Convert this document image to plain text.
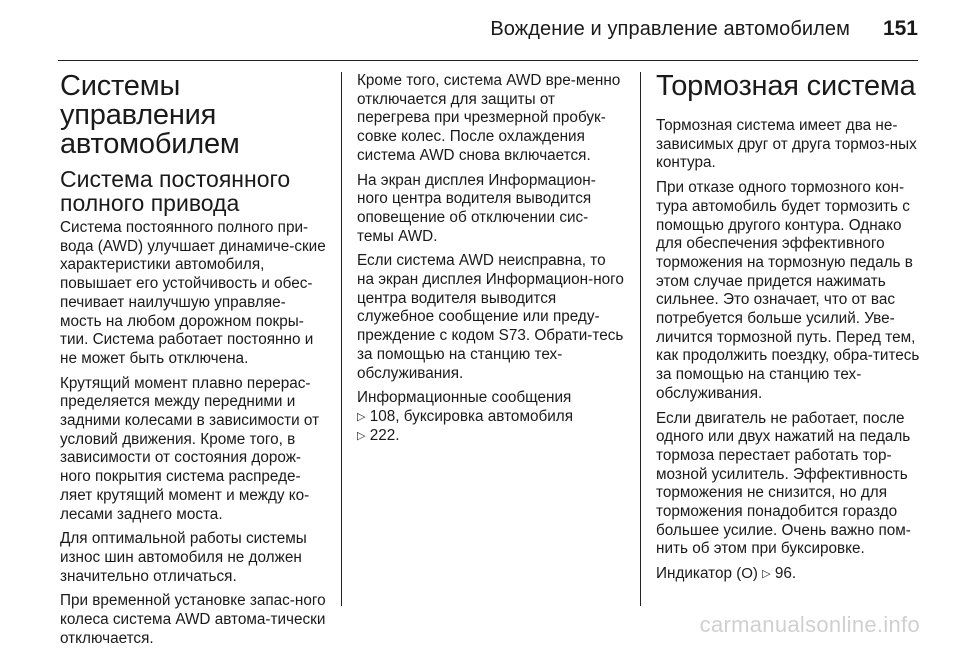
Вождение и управление автомобилем 151
Системы управления автомобилем
Система постоянного полного привода

Система постоянного полного при-вода (AWD) улучшает динамиче-ские характеристики автомобиля, повышает его устойчивость и обес-печивает наилучшую управляе-мость на любом дорожном покры-тии. Система работает постоянно и не может быть отключена.

Крутящий момент плавно перерас-пределяется между передними и задними колесами в зависимости от условий движения. Кроме того, в зависимости от состояния дорож-ного покрытия система распреде-ляет крутящий момент и между ко-лесами заднего моста.

Для оптимальной работы системы износ шин автомобиля не должен значительно отличаться.

При временной установке запас-ного колеса система AWD автома-тически отключается.

Кроме того, система AWD вре-менно отключается для защиты от перегрева при чрезмерной пробук-совке колес. После охлаждения система AWD снова включается.

На экран дисплея Информацион-ного центра водителя выводится оповещение об отключении сис-темы AWD.

Если система AWD неисправна, то на экран дисплея Информацион-ного центра водителя выводится служебное сообщение или преду-преждение с кодом S73. Обрати-тесь за помощью на станцию тех-обслуживания.

Информационные сообщения
▷ 108, буксировка автомобиля
▷ 222.

Тормозная система

Тормозная система имеет два не-зависимых друг от друга тормоз-ных контура.

При отказе одного тормозного кон-тура автомобиль будет тормозить с помощью другого контура. Однако для обеспечения эффективного торможения на тормозную педаль в этом случае придется нажимать сильнее. Это означает, что от вас потребуется больше усилий. Уве-личится тормозной путь. Перед тем, как продолжить поездку, обра-титесь за помощью на станцию тех-обслуживания.

Если двигатель не работает, после одного или двух нажатий на педаль тормоза перестает работать тор-мозной усилитель. Эффективность торможения не снизится, но для торможения понадобится гораздо большее усилие. Очень важно пом-нить об этом при буксировке.

Индикатор (O) ▷ 96.

carmanualsonline.info
